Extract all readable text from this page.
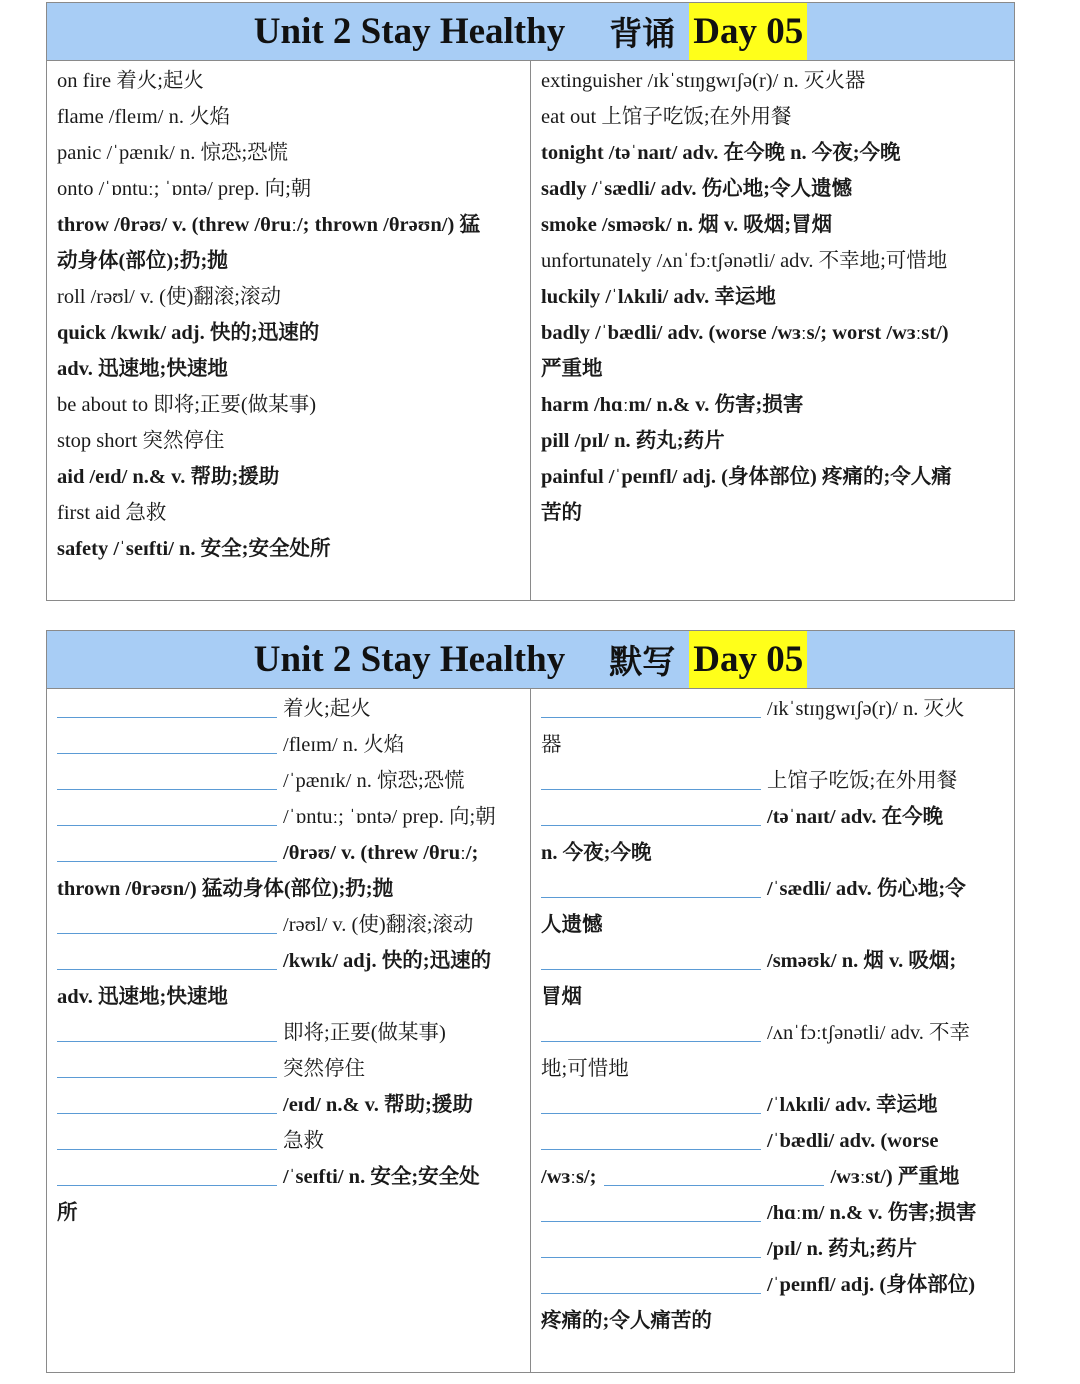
Unit 2 Stay Healthy 背诵 Day 05
on fire 着火;起火
flame /fleɪm/ n. 火焰
panic /ˈpænɪk/ n. 惊恐;恐慌
onto /ˈɒntuː; ˈɒntə/ prep. 向;朝
throw /θrəʊ/ v. (threw /θruː/; thrown /θrəʊn/) 猛
动身体(部位);扔;抛
roll /rəʊl/ v. (使)翻滚;滚动
quick /kwɪk/ adj. 快的;迅速的
adv. 迅速地;快速地
be about to 即将;正要(做某事)
stop short 突然停住
aid /eɪd/ n.& v. 帮助;援助
first aid 急救
safety /ˈseɪfti/ n. 安全;安全处所
extinguisher /ɪkˈstɪŋgwɪʃə(r)/ n. 灭火器
eat out 上馆子吃饭;在外用餐
tonight /təˈnaɪt/ adv. 在今晚 n. 今夜;今晚
sadly /ˈsædli/ adv. 伤心地;令人遗憾
smoke /sməʊk/ n. 烟 v. 吸烟;冒烟
unfortunately /ʌnˈfɔːtʃənətli/ adv. 不幸地;可惜地
luckily /ˈlʌkɪli/ adv. 幸运地
badly /ˈbædli/ adv. (worse /wɜːs/; worst /wɜːst/)
严重地
harm /hɑːm/ n.& v. 伤害;损害
pill /pɪl/ n. 药丸;药片
painful /ˈpeɪnfl/ adj. (身体部位) 疼痛的;令人痛
苦的
Unit 2 Stay Healthy 默写 Day 05
着火;起火
/fleɪm/ n. 火焰
/ˈpænɪk/ n. 惊恐;恐慌
/ˈɒntuː; ˈɒntə/ prep. 向;朝
/θrəʊ/ v. (threw /θruː/;
thrown /θrəʊn/) 猛动身体(部位);扔;抛
/rəʊl/ v. (使)翻滚;滚动
/kwɪk/ adj. 快的;迅速的
adv. 迅速地;快速地
即将;正要(做某事)
突然停住
/eɪd/ n.& v. 帮助;援助
急救
/ˈseɪfti/ n. 安全;安全处
所
/ɪkˈstɪŋgwɪʃə(r)/ n. 灭火
器
上馆子吃饭;在外用餐
/təˈnaɪt/ adv. 在今晚
n. 今夜;今晚
/ˈsædli/ adv. 伤心地;令
人遗憾
/sməʊk/ n. 烟 v. 吸烟;
冒烟
/ʌnˈfɔːtʃənətli/ adv. 不幸
地;可惜地
/ˈlʌkɪli/ adv. 幸运地
/ˈbædli/ adv. (worse
/wɜːs/;	/wɜːst/) 严重地
/hɑːm/ n.& v. 伤害;损害
/pɪl/ n. 药丸;药片
/ˈpeɪnfl/ adj. (身体部位)
疼痛的;令人痛苦的
